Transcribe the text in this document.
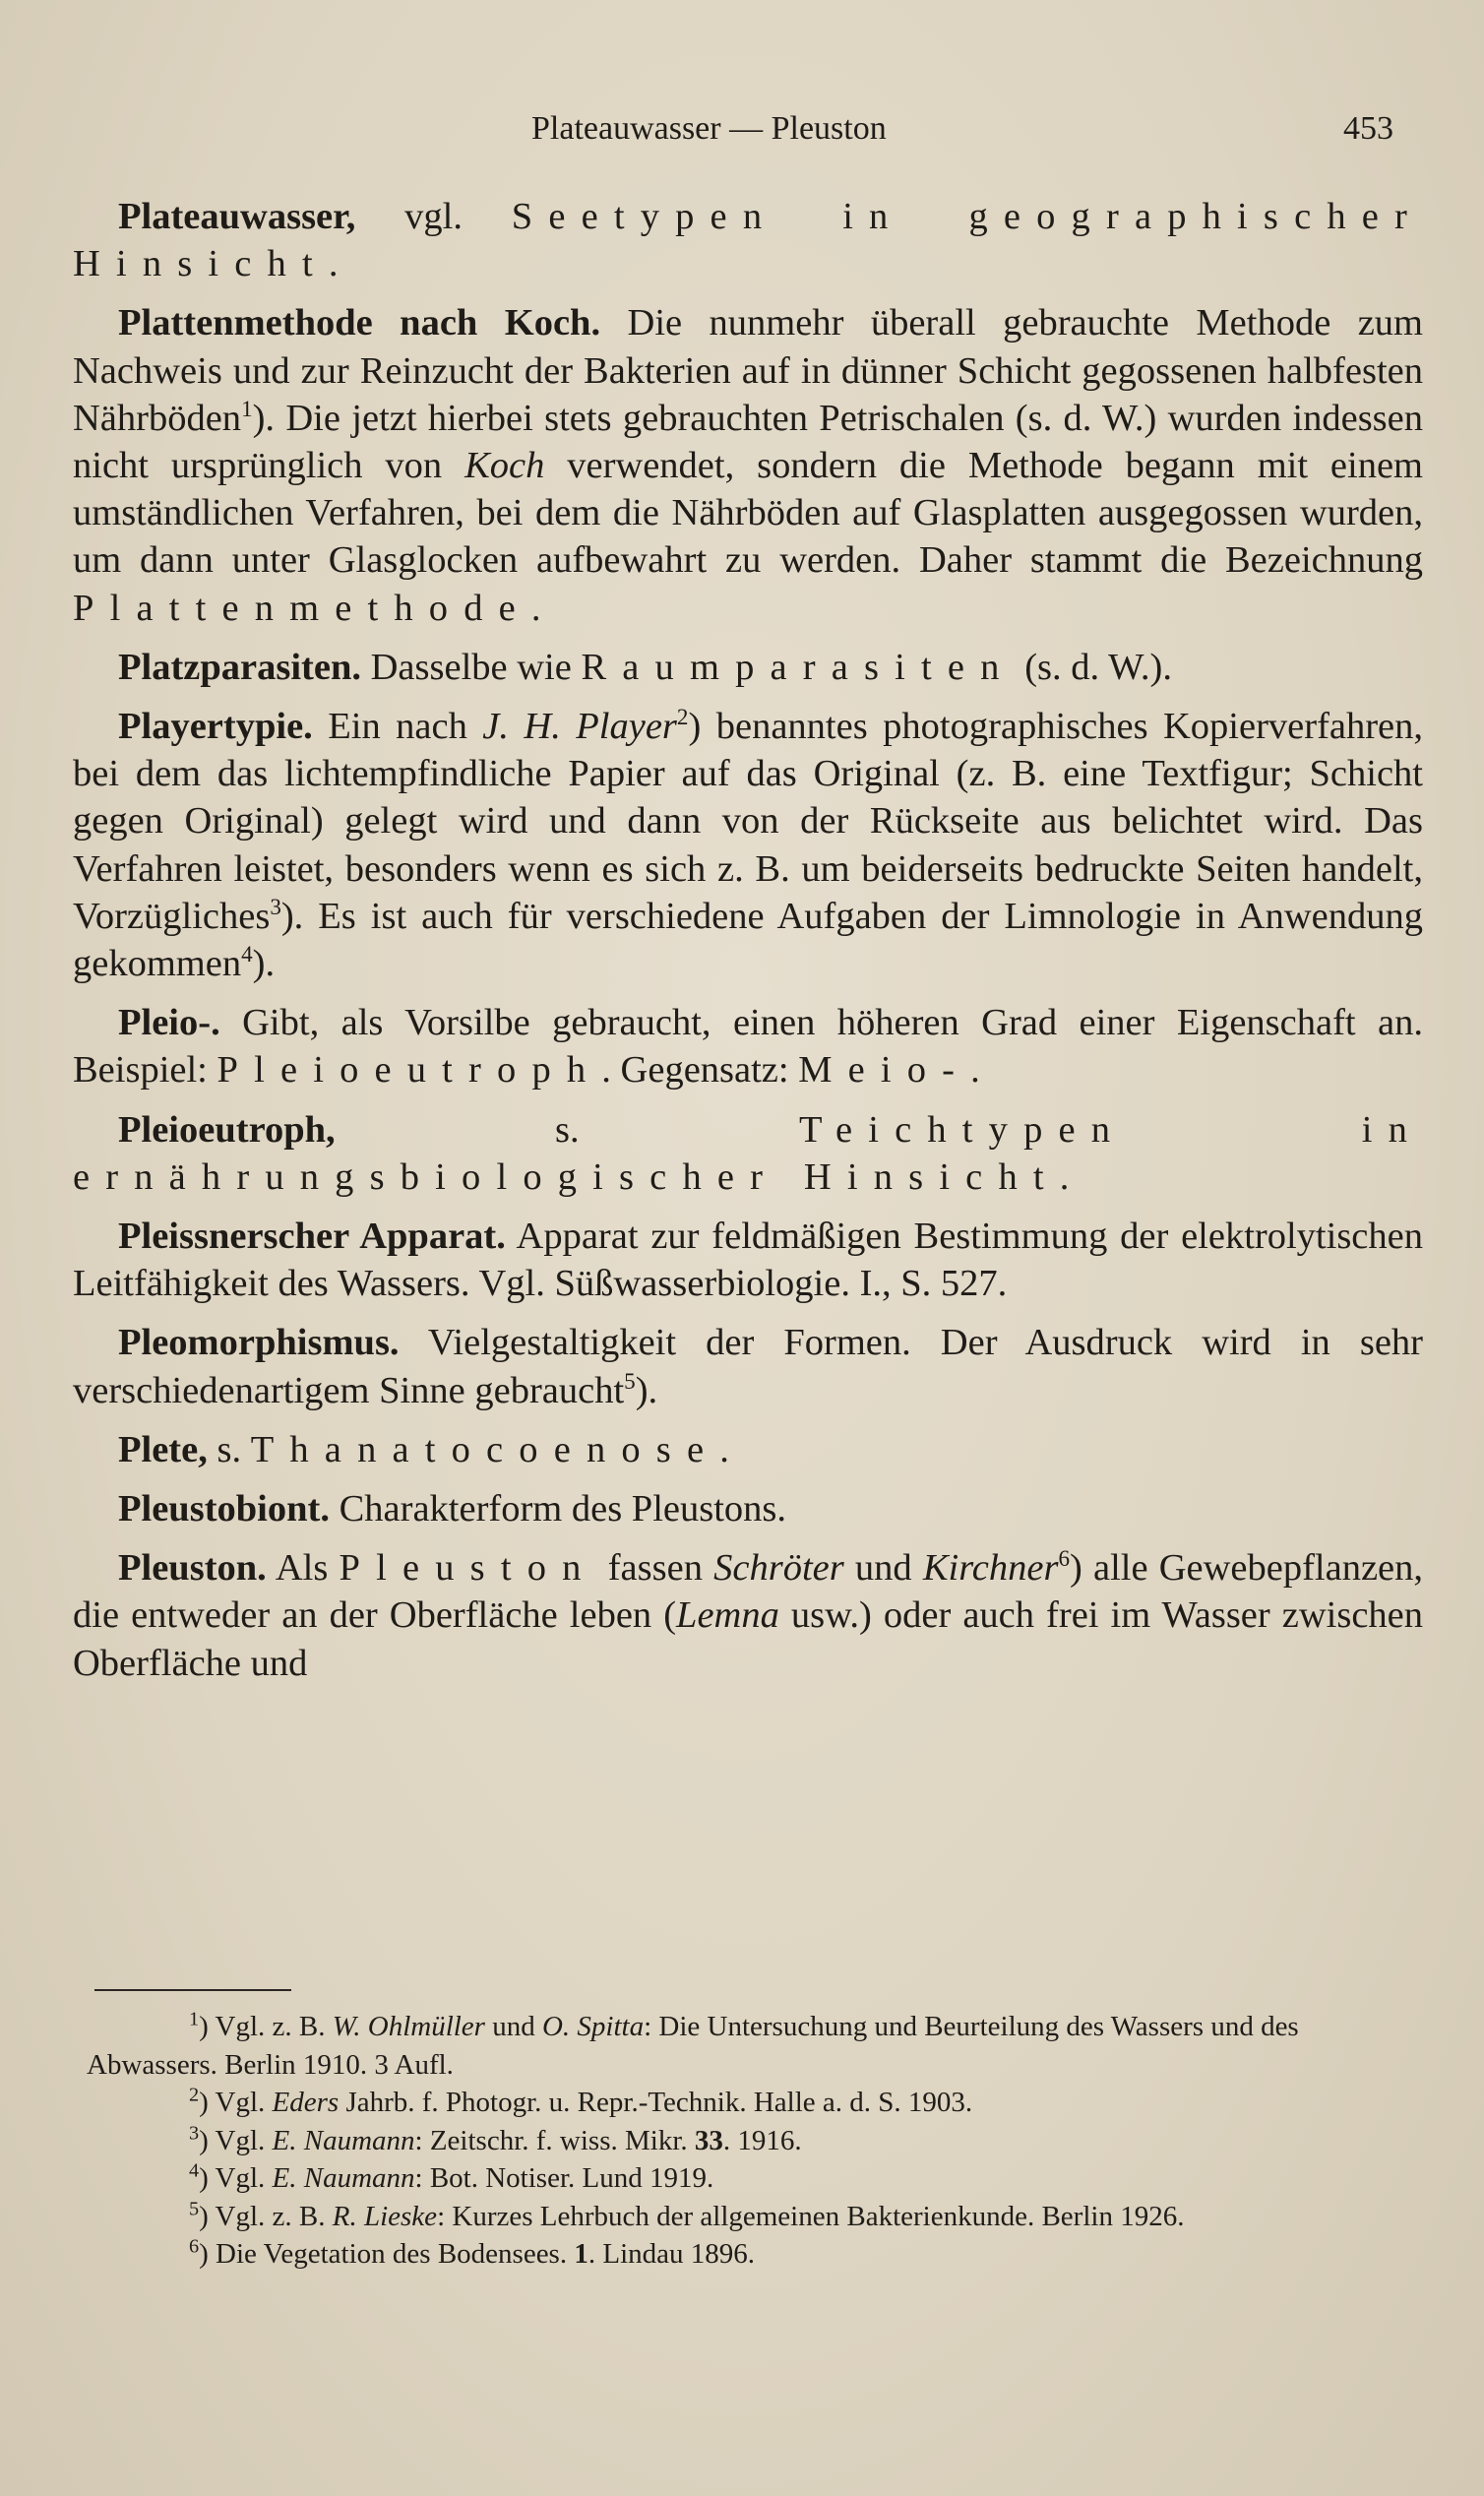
Plateauwasser — Pleuston	453

Plateauwasser, vgl. Seetypen in geographischer Hinsicht.

Plattenmethode nach Koch. Die nunmehr überall gebrauchte Methode zum Nachweis und zur Reinzucht der Bakterien auf in dünner Schicht gegossenen halbfesten Nährböden$^1$). Die jetzt hierbei stets gebrauchten Petrischalen (s. d. W.) wurden indessen nicht ursprünglich von Koch verwendet, sondern die Methode begann mit einem umständlichen Verfahren, bei dem die Nährböden auf Glasplatten ausgegossen wurden, um dann unter Glasglocken aufbewahrt zu werden. Daher stammt die Bezeichnung Plattenmethode.

Platzparasiten. Dasselbe wie Raumparasiten (s. d. W.).

Playertypie. Ein nach J. H. Player$^2$) benanntes photographisches Kopierverfahren, bei dem das lichtempfindliche Papier auf das Original (z. B. eine Textfigur; Schicht gegen Original) gelegt wird und dann von der Rückseite aus belichtet wird. Das Verfahren leistet, besonders wenn es sich z. B. um beiderseits bedruckte Seiten handelt, Vorzügliches$^3$). Es ist auch für verschiedene Aufgaben der Limnologie in Anwendung gekommen$^4$).

Pleio-. Gibt, als Vorsilbe gebraucht, einen höheren Grad einer Eigenschaft an. Beispiel: Pleioeutroph. Gegensatz: Meio-.

Pleioeutroph, s. Teichtypen in ernährungsbiologischer Hinsicht.

Pleissnerscher Apparat. Apparat zur feldmäßigen Bestimmung der elektrolytischen Leitfähigkeit des Wassers. Vgl. Süßwasserbiologie. I., S. 527.

Pleomorphismus. Vielgestaltigkeit der Formen. Der Ausdruck wird in sehr verschiedenartigem Sinne gebraucht$^5$).

Plete, s. Thanatocoenose.

Pleustobiont. Charakterform des Pleustons.

Pleuston. Als Pleuston fassen Schröter und Kirchner$^6$) alle Gewebepflanzen, die entweder an der Oberfläche leben (Lemna usw.) oder auch frei im Wasser zwischen Oberfläche und

$^1$) Vgl. z. B. W. Ohlmüller und O. Spitta: Die Untersuchung und Beurteilung des Wassers und des Abwassers. Berlin 1910. 3 Aufl.

$^2$) Vgl. Eders Jahrb. f. Photogr. u. Repr.-Technik. Halle a. d. S. 1903.

$^3$) Vgl. E. Naumann: Zeitschr. f. wiss. Mikr. 33. 1916.

$^4$) Vgl. E. Naumann: Bot. Notiser. Lund 1919.

$^5$) Vgl. z. B. R. Lieske: Kurzes Lehrbuch der allgemeinen Bakterienkunde. Berlin 1926.

$^6$) Die Vegetation des Bodensees. 1. Lindau 1896.
